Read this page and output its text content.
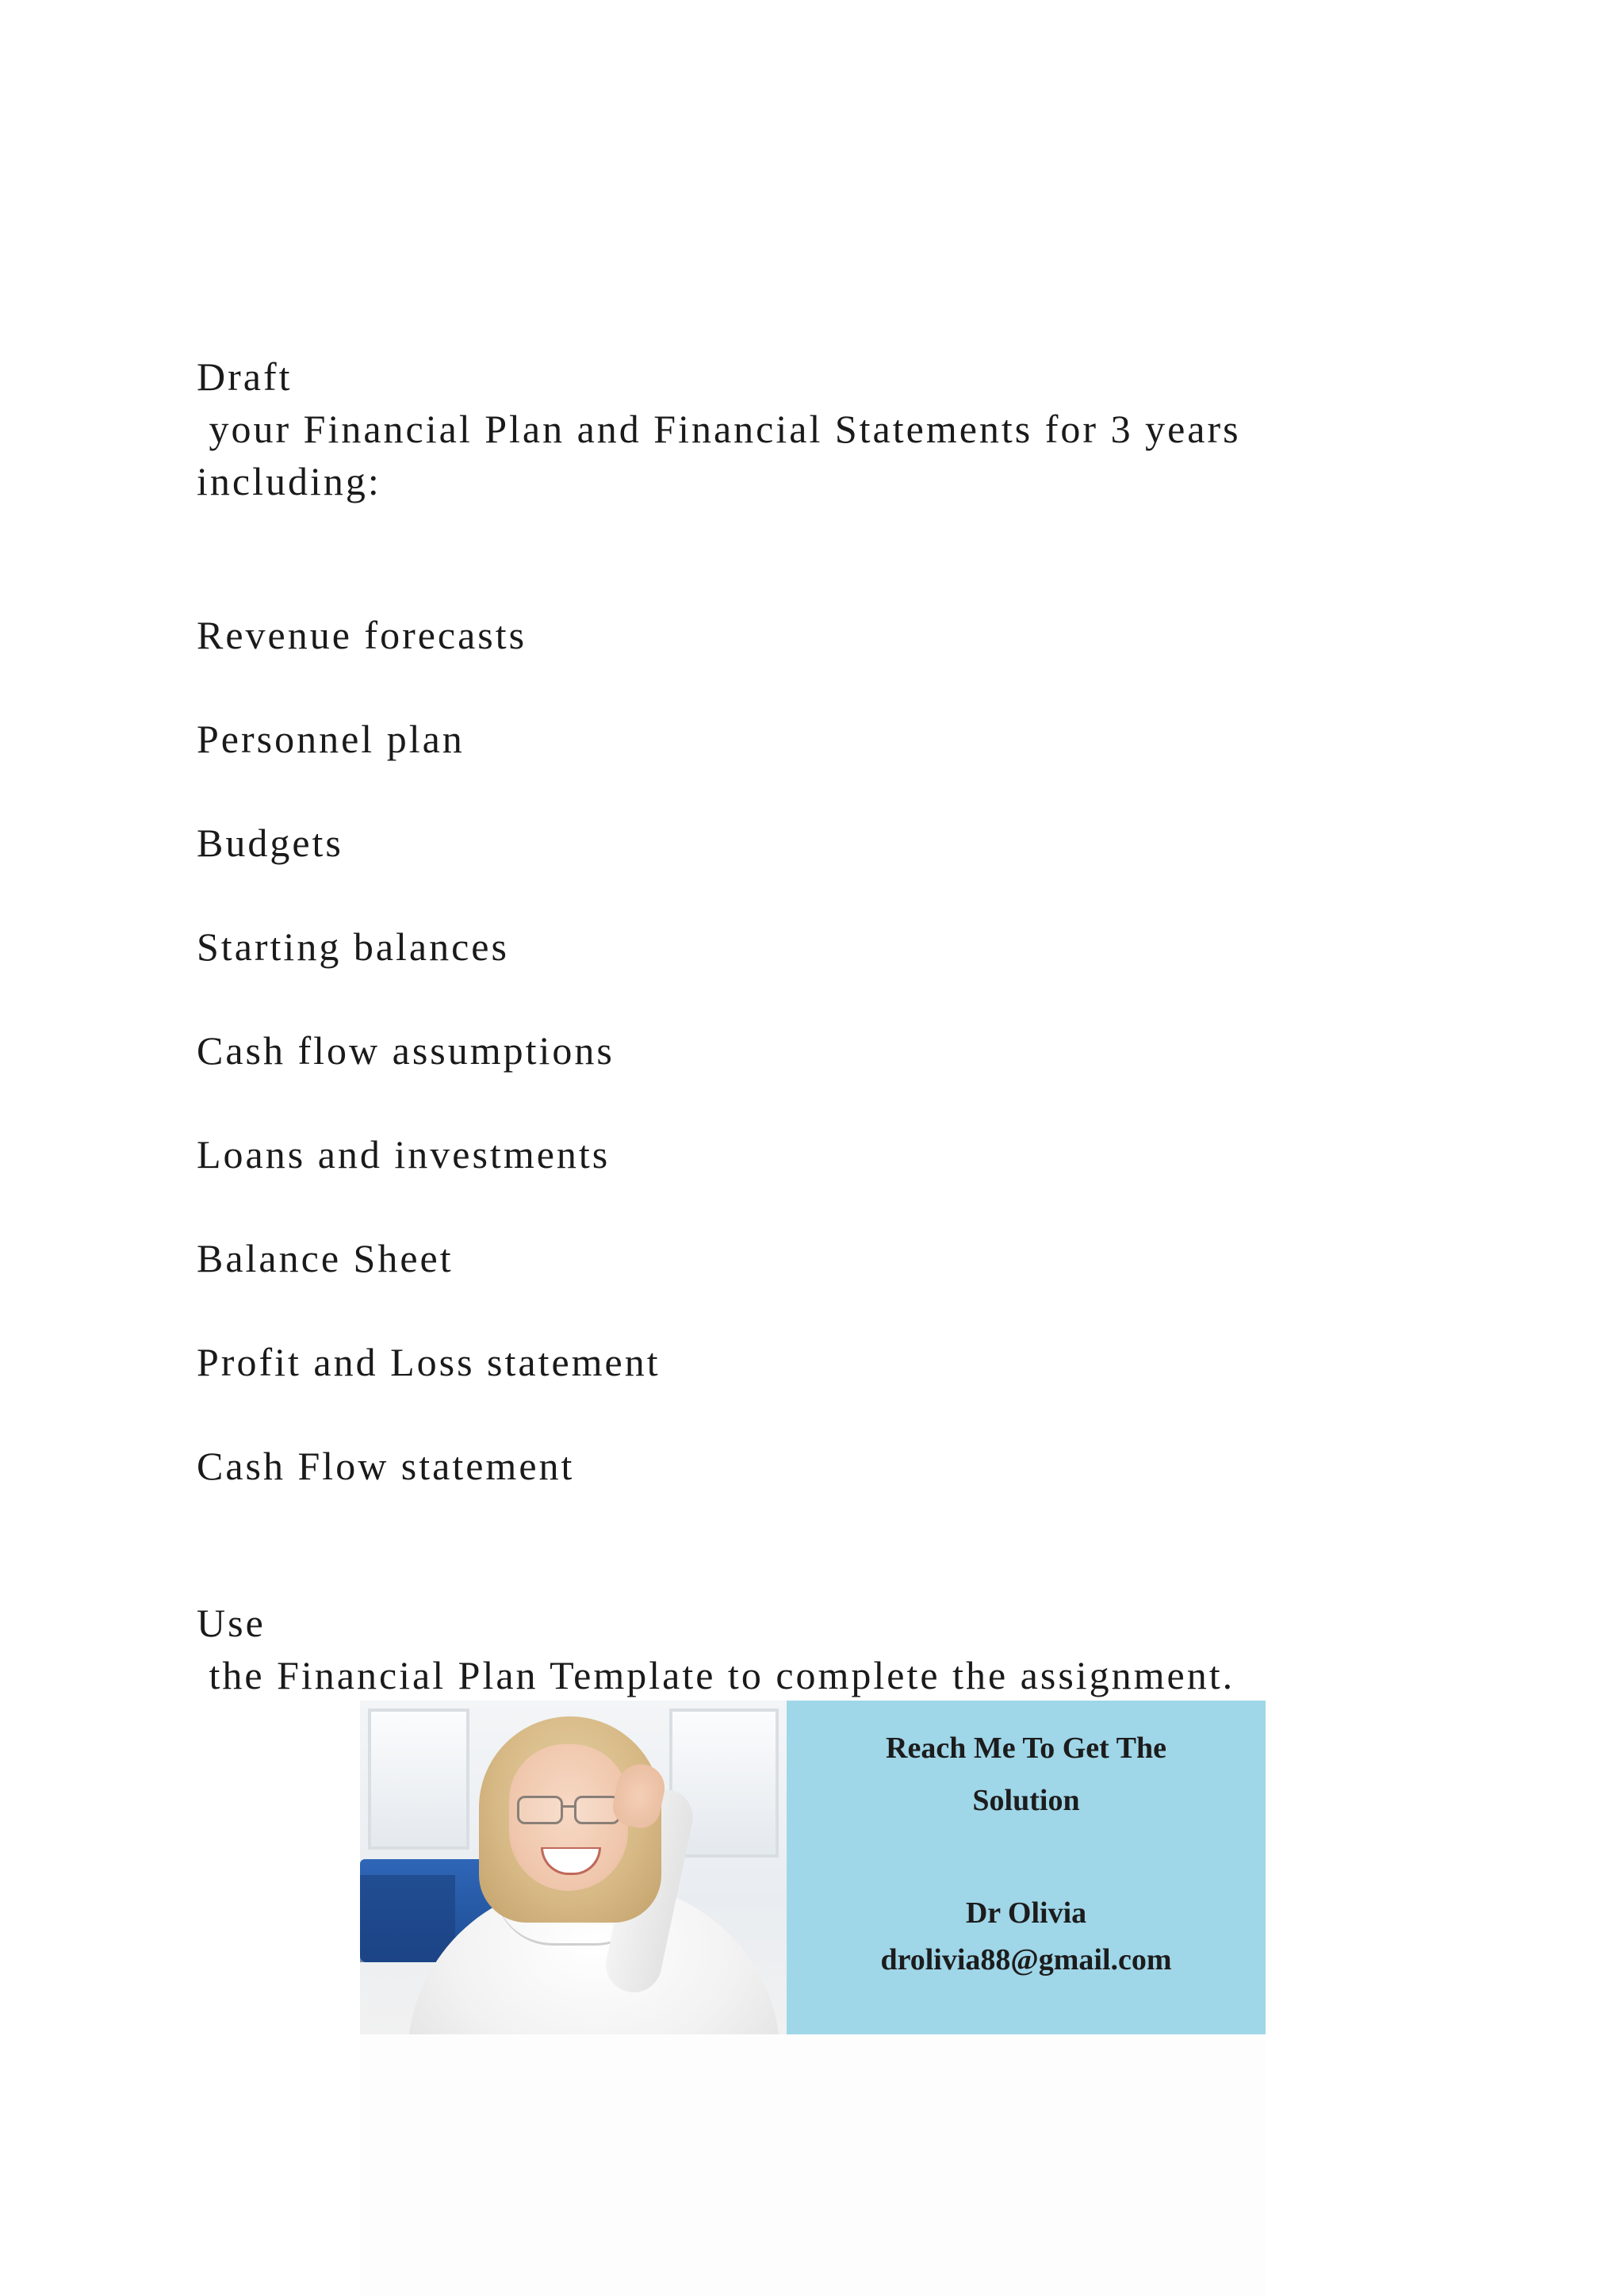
Draft
your Financial Plan and Financial Statements for 3 years
including:

Revenue forecasts
Personnel plan
Budgets
Starting balances
Cash flow assumptions
Loans and investments
Balance Sheet
Profit and Loss statement
Cash Flow statement

Use
the Financial Plan Template to complete the assignment.

Reach Me To Get The
Solution
Dr Olivia
drolivia88@gmail.com
